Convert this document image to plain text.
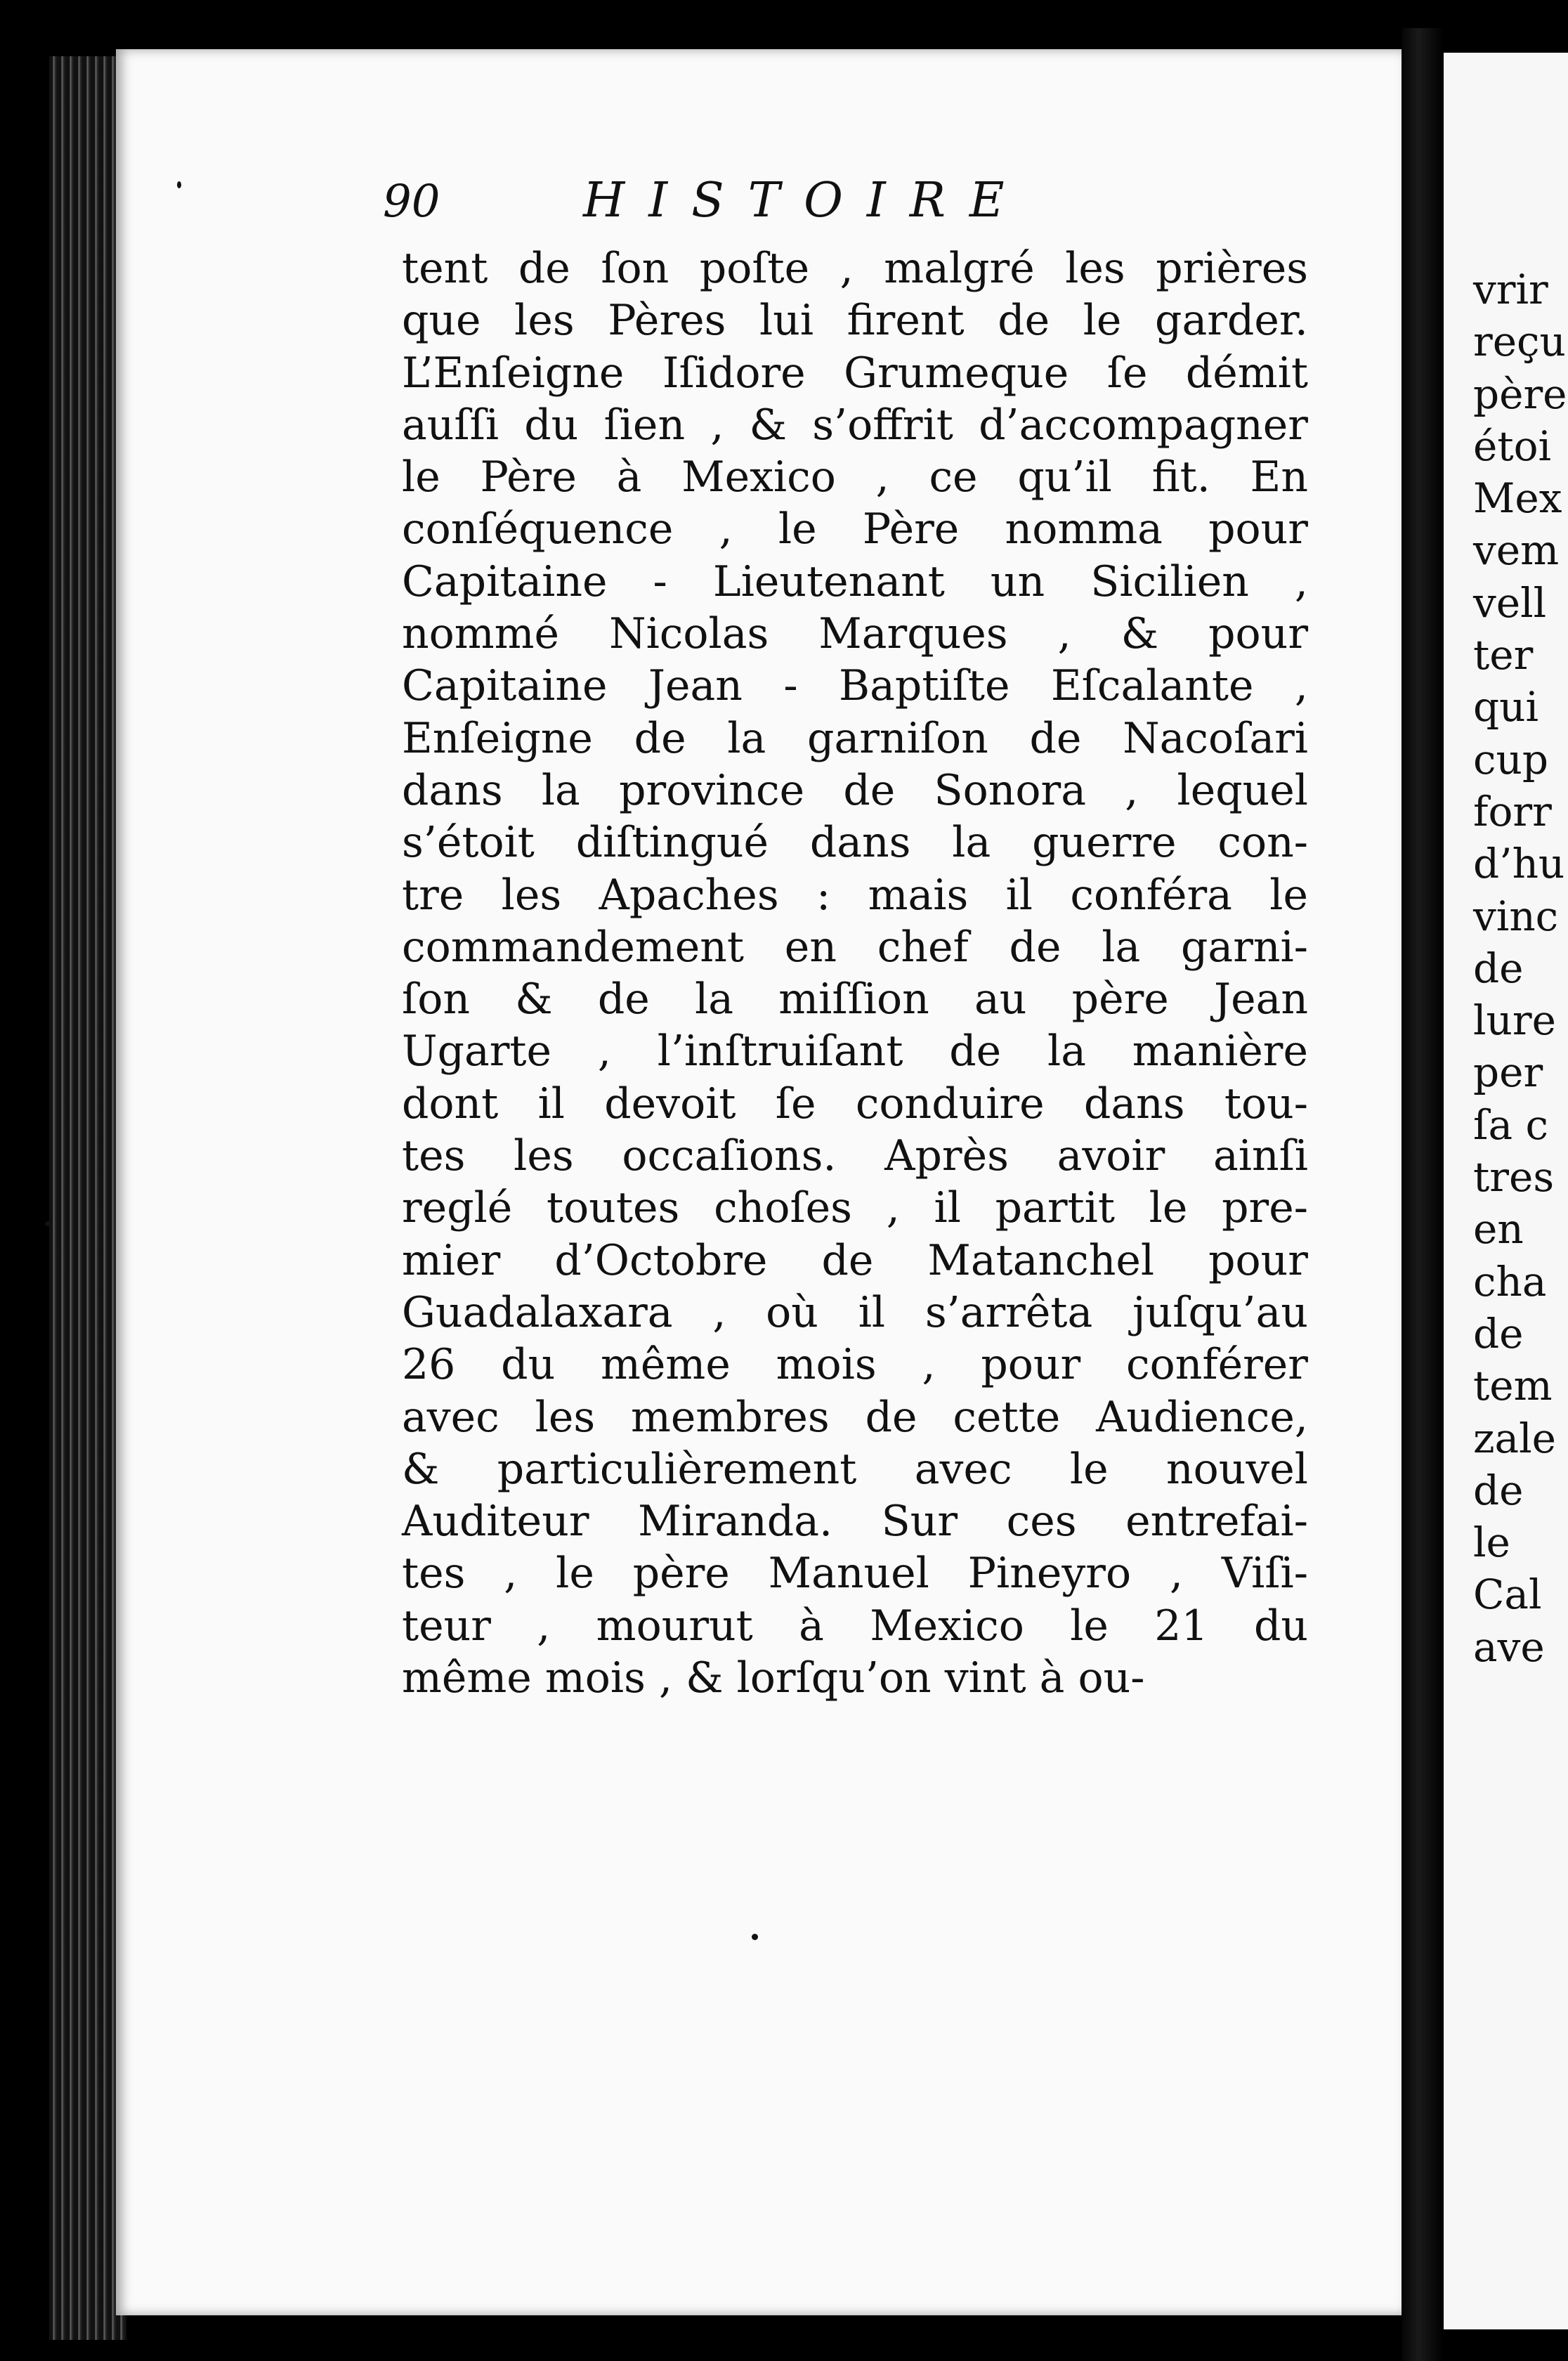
90	HISTOIRE
tent de ſon poſte , malgré les prières
que les Pères lui firent de le garder.
L’Enſeigne Iſidore Grumeque ſe démit
auſſi du ſien , & s’offrit d’accompagner
le Père à Mexico , ce qu’il fit. En
conſéquence , le Père nomma pour
Capitaine - Lieutenant un Sicilien ,
nommé Nicolas Marques , & pour
Capitaine Jean - Baptiſte Eſcalante ,
Enſeigne de la garniſon de Nacoſari
dans la province de Sonora , lequel
s’étoit diſtingué dans la guerre con-
tre les Apaches : mais il conféra le
commandement en chef de la garni-
ſon & de la miſſion au père Jean
Ugarte , l’inſtruiſant de la manière
dont il devoit ſe conduire dans tou-
tes les occaſions. Après avoir ainſi
reglé toutes choſes , il partit le pre-
mier d’Octobre de Matanchel pour
Guadalaxara , où il s’arrêta juſqu’au
26 du même mois , pour conférer
avec les membres de cette Audience,
& particulièrement avec le nouvel
Auditeur Miranda. Sur ces entrefai-
tes , le père Manuel Pineyro , Viſi-
teur , mourut à Mexico le 21 du
même mois , & lorſqu’on vint à ou-
vrir
reçu
père
étoi
Mex
vem
vell
ter
qui
cup
forr
d’hu
vinc
de
lure
per
ſa c
tres
en
cha
de
tem
zale
de
le
Cal
ave
